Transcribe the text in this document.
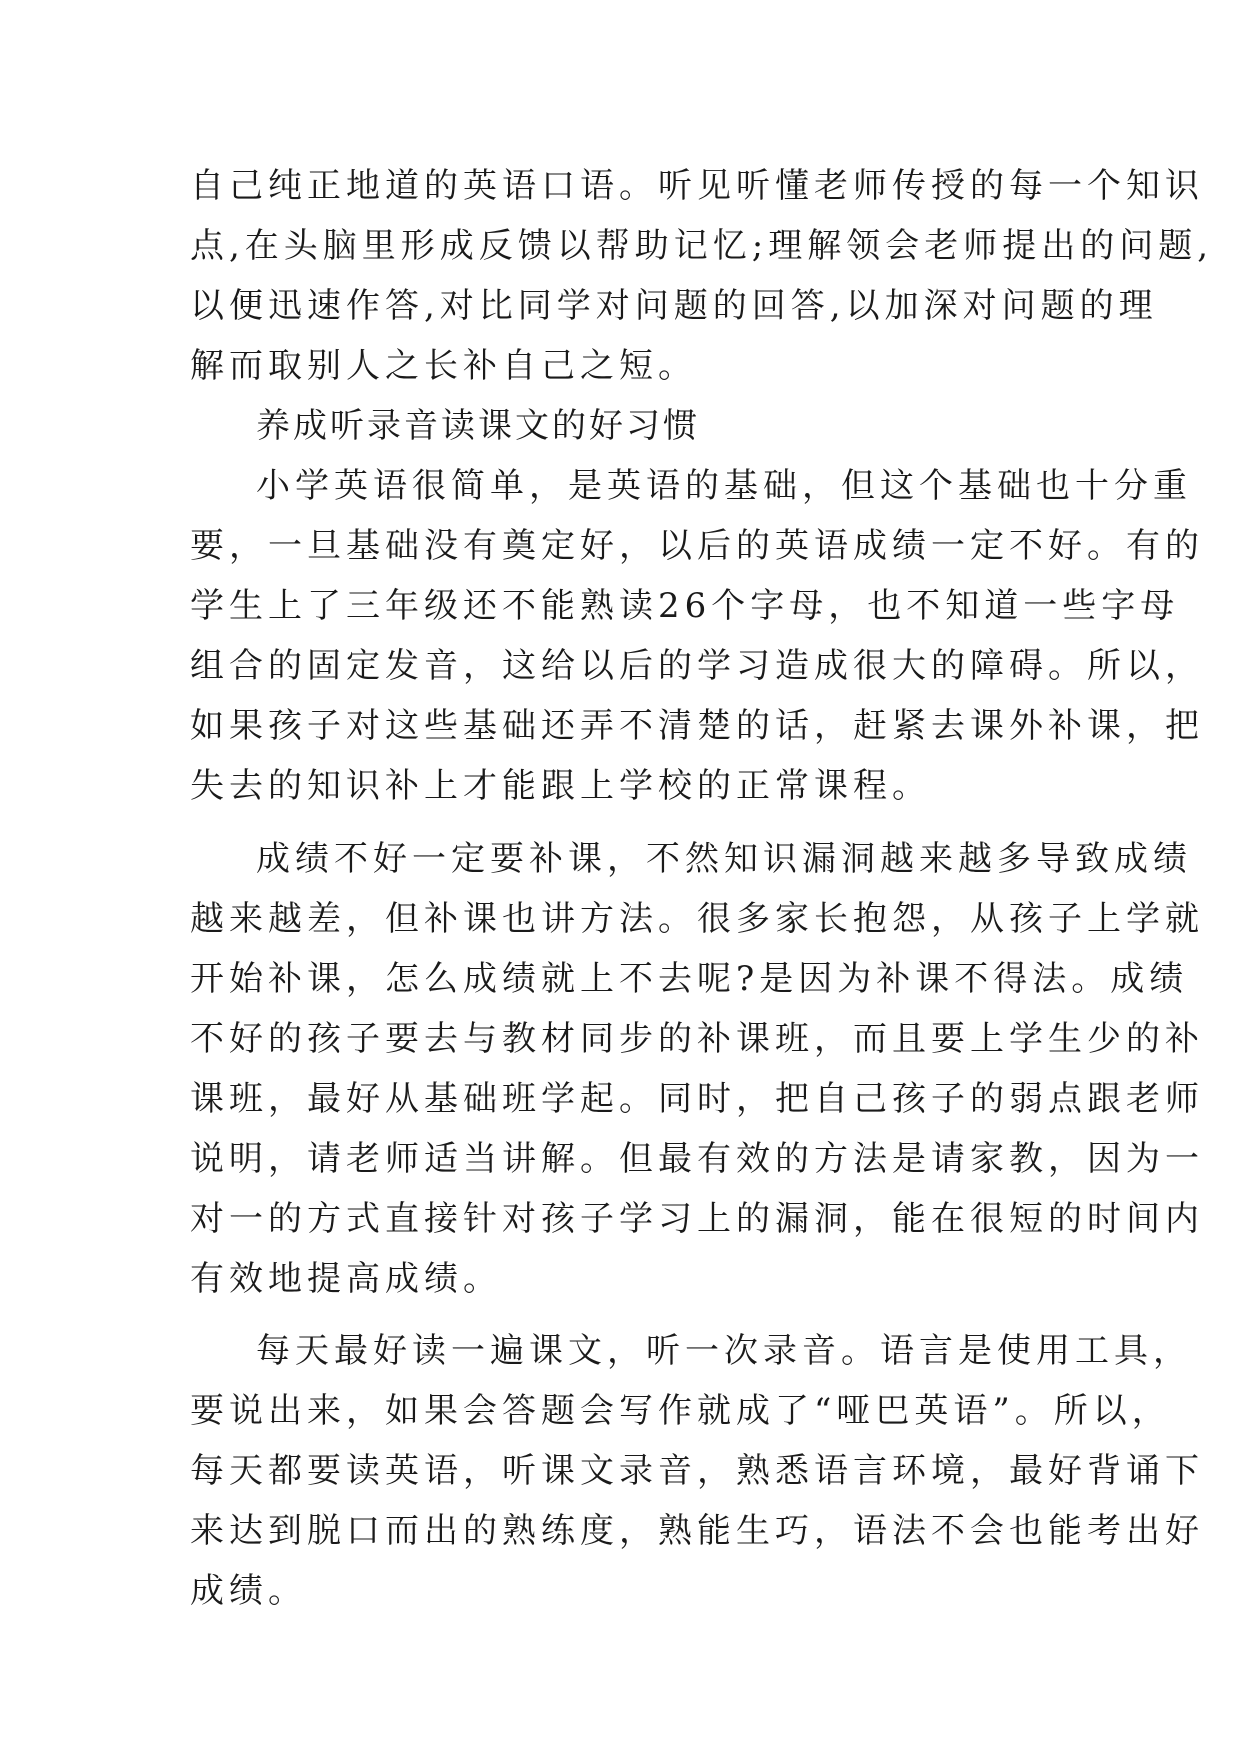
自己纯正地道的英语口语。听见听懂老师传授的每一个知识
点,在头脑里形成反馈以帮助记忆;理解领会老师提出的问题,
以便迅速作答,对比同学对问题的回答,以加深对问题的理
解而取别人之长补自己之短。
养成听录音读课文的好习惯
小学英语很简单，是英语的基础，但这个基础也十分重
要，一旦基础没有奠定好，以后的英语成绩一定不好。有的
学生上了三年级还不能熟读26个字母，也不知道一些字母
组合的固定发音，这给以后的学习造成很大的障碍。所以，
如果孩子对这些基础还弄不清楚的话，赶紧去课外补课，把
失去的知识补上才能跟上学校的正常课程。
成绩不好一定要补课，不然知识漏洞越来越多导致成绩
越来越差，但补课也讲方法。很多家长抱怨，从孩子上学就
开始补课，怎么成绩就上不去呢?是因为补课不得法。成绩
不好的孩子要去与教材同步的补课班，而且要上学生少的补
课班，最好从基础班学起。同时，把自己孩子的弱点跟老师
说明，请老师适当讲解。但最有效的方法是请家教，因为一
对一的方式直接针对孩子学习上的漏洞，能在很短的时间内
有效地提高成绩。
每天最好读一遍课文，听一次录音。语言是使用工具，
要说出来，如果会答题会写作就成了“哑巴英语”。所以，
每天都要读英语，听课文录音，熟悉语言环境，最好背诵下
来达到脱口而出的熟练度，熟能生巧，语法不会也能考出好
成绩。
